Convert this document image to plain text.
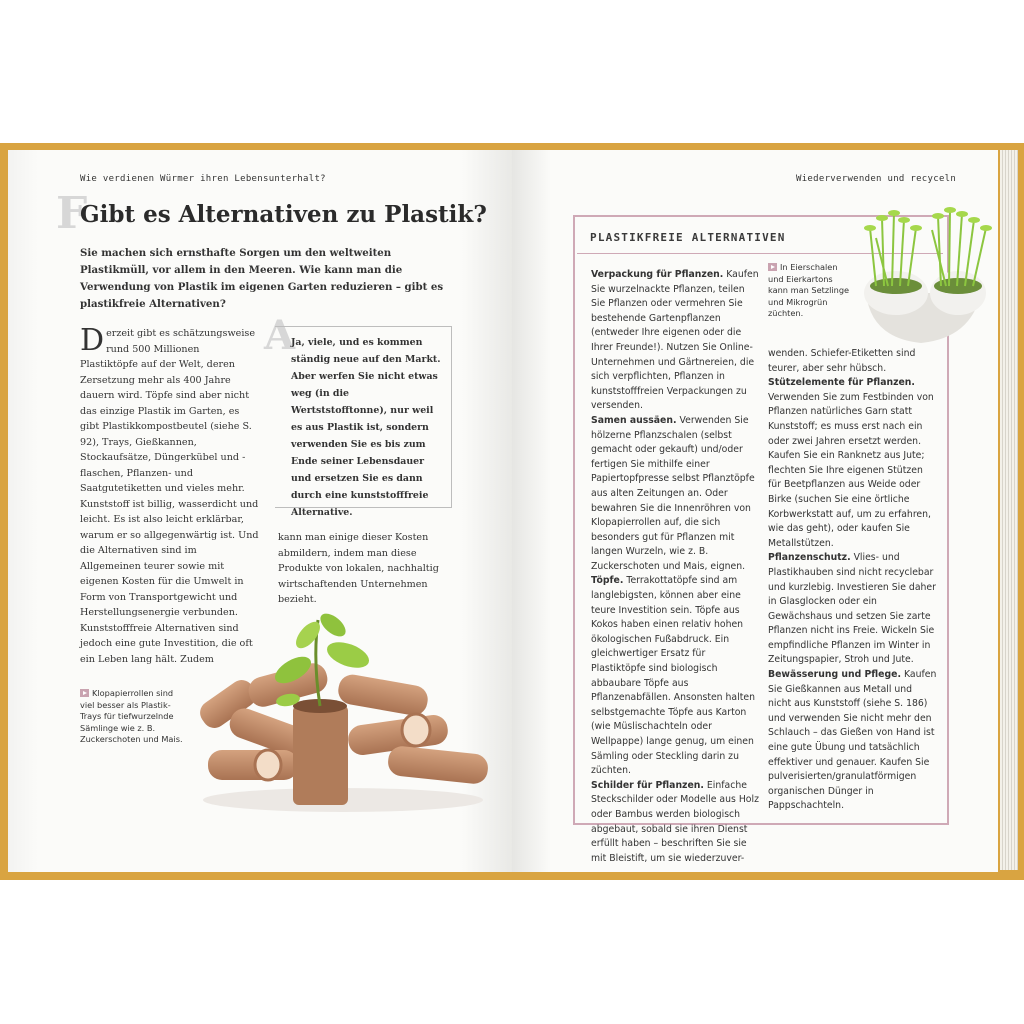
Wie verdienen Würmer ihren Lebensunterhalt?
F
Gibt es Alternativen zu Plastik?
Sie machen sich ernsthafte Sorgen um den weltweiten Plastikmüll, vor allem in den Meeren. Wie kann man die Verwendung von Plastik im eigenen Garten reduzieren – gibt es plastikfreie Alternativen?
Derzeit gibt es schätzungsweise rund 500 Millionen Plastiktöpfe auf der Welt, deren Zersetzung mehr als 400 Jahre dauern wird. Töpfe sind aber nicht das einzige Plastik im Garten, es gibt Plastikkompostbeutel (siehe S. 92), Trays, Gießkannen, Stockaufsätze, Düngerkübel und -flaschen, Pflanzen- und Saatgutetiketten und vieles mehr. Kunststoff ist billig, wasserdicht und leicht. Es ist also leicht erklärbar, warum er so allgegenwärtig ist. Und die Alternativen sind im Allgemeinen teurer sowie mit eigenen Kosten für die Umwelt in Form von Transportgewicht und Herstellungsenergie verbunden. Kunststofffreie Alternativen sind jedoch eine gute Investition, die oft ein Leben lang hält. Zudem
A
Ja, viele, und es kommen ständig neue auf den Markt. Aber werfen Sie nicht etwas weg (in die Wertststofftonne), nur weil es aus Plastik ist, sondern verwenden Sie es bis zum Ende seiner Lebensdauer und ersetzen Sie es dann durch eine kunststofffreie Alternative.
kann man einige dieser Kosten abmildern, indem man diese Produkte von lokalen, nachhaltig wirtschaftenden Unternehmen bezieht.
Klopapierrollen sind viel besser als Plastik-Trays für tiefwurzelnde Sämlinge wie z. B. Zuckerschoten und Mais.
Wiederverwenden und recyceln
PLASTIKFREIE ALTERNATIVEN

Verpackung für Pflanzen. Kaufen Sie wurzelnackte Pflanzen, teilen Sie Pflanzen oder vermehren Sie bestehende Gartenpflanzen (entweder Ihre eigenen oder die Ihrer Freunde!). Nutzen Sie Online-Unternehmen und Gärtnereien, die sich verpflichten, Pflanzen in kunststofffreien Verpackungen zu versenden.

Samen aussäen. Verwenden Sie hölzerne Pflanzschalen (selbst gemacht oder gekauft) und/oder fertigen Sie mithilfe einer Papiertopfpresse selbst Pflanztöpfe aus alten Zeitungen an. Oder bewahren Sie die Innenröhren von Klopapierrollen auf, die sich besonders gut für Pflanzen mit langen Wurzeln, wie z. B. Zuckerschoten und Mais, eignen.

Töpfe. Terrakottatöpfe sind am langlebigsten, können aber eine teure Investition sein. Töpfe aus Kokos haben einen relativ hohen ökologischen Fußabdruck. Ein gleichwertiger Ersatz für Plastiktöpfe sind biologisch abbaubare Töpfe aus Pflanzenabfällen. Ansonsten halten selbstgemachte Töpfe aus Karton (wie Müslischachteln oder Wellpappe) lange genug, um einen Sämling oder Steckling darin zu züchten.

Schilder für Pflanzen. Einfache Steckschilder oder Modelle aus Holz oder Bambus werden biologisch abgebaut, sobald sie ihren Dienst erfüllt haben – beschriften Sie sie mit Bleistift, um sie wiederzuver-

In Eierschalen und Eierkartons kann man Setzlinge und Mikrogrün züchten.

wenden. Schiefer-Etiketten sind teurer, aber sehr hübsch.

Stützelemente für Pflanzen. Verwenden Sie zum Festbinden von Pflanzen natürliches Garn statt Kunststoff; es muss erst nach ein oder zwei Jahren ersetzt werden. Kaufen Sie ein Ranknetz aus Jute; flechten Sie Ihre eigenen Stützen für Beetpflanzen aus Weide oder Birke (suchen Sie eine örtliche Korbwerkstatt auf, um zu erfahren, wie das geht), oder kaufen Sie Metallstützen.

Pflanzenschutz. Vlies- und Plastikhauben sind nicht recyclebar und kurzlebig. Investieren Sie daher in Glasglocken oder ein Gewächshaus und setzen Sie zarte Pflanzen nicht ins Freie. Wickeln Sie empfindliche Pflanzen im Winter in Zeitungspapier, Stroh und Jute.

Bewässerung und Pflege. Kaufen Sie Gießkannen aus Metall und nicht aus Kunststoff (siehe S. 186) und verwenden Sie nicht mehr den Schlauch – das Gießen von Hand ist eine gute Übung und tatsächlich effektiver und genauer. Kaufen Sie pulverisierten/granulatförmigen organischen Dünger in Pappschachteln.
